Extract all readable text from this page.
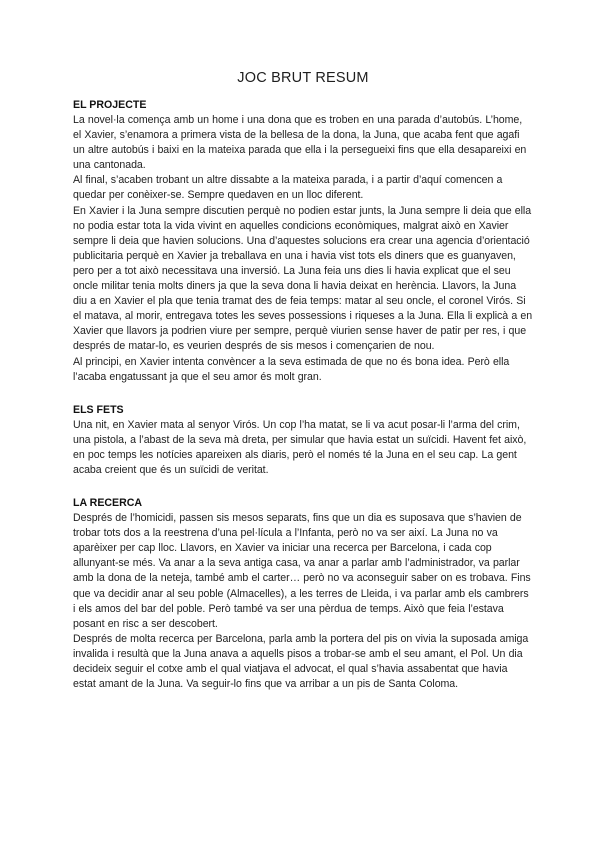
JOC BRUT RESUM
EL PROJECTE

La novel·la comença amb un home i una dona que es troben en una parada d’autobús. L’home, el Xavier, s’enamora a primera vista de la bellesa de la dona, la Juna, que acaba fent que agafi un altre autobús i baixi en la mateixa parada que ella i la persegueixi fins que ella desapareixi en una cantonada.

Al final, s’acaben trobant un altre dissabte a la mateixa parada, i a partir d’aquí comencen a quedar per conèixer-se. Sempre quedaven en un lloc diferent.

En Xavier i la Juna sempre discutien perquè no podien estar junts, la Juna sempre li deia que ella no podia estar tota la vida vivint en aquelles condicions econòmiques, malgrat això en Xavier sempre li deia que havien solucions. Una d’aquestes solucions era crear una agencia d’orientació publicitaria perquè en Xavier ja treballava en una i havia vist tots els diners que es guanyaven, pero per a tot això necessitava una inversió. La Juna feia uns dies li havia explicat que el seu oncle militar tenia molts diners ja que la seva dona li havia deixat en herència. Llavors, la Juna diu a en Xavier el pla que tenia tramat des de feia temps: matar al seu oncle, el coronel Virós. Si el matava, al morir, entregava totes les seves possessions i riqueses a la Juna. Ella li explicà a en Xavier que llavors ja podrien viure per sempre, perquè viurien sense haver de patir per res, i que després de matar-lo, es veurien després de sis mesos i començarien de nou.

Al principi, en Xavier intenta convèncer a la seva estimada de que no és bona idea. Però ella l’acaba engatussant ja que el seu amor és molt gran.

ELS FETS

Una nit, en Xavier mata al senyor Virós. Un cop l’ha matat, se li va acut posar-li l’arma del crim, una pistola, a l’abast de la seva mà dreta, per simular que havia estat un suïcidi. Havent fet això, en poc temps les notícies apareixen als diaris, però el només té la Juna en el seu cap. La gent acaba creient que és un suïcidi de veritat.

LA RECERCA

Després de l’homicidi, passen sis mesos separats, fins que un dia es suposava que s’havien de trobar tots dos a la reestrena d’una pel·lícula a l’Infanta, però no va ser així. La Juna no va aparèixer per cap lloc. Llavors, en Xavier va iniciar una recerca per Barcelona, i cada cop allunyant-se més. Va anar a la seva antiga casa, va anar a parlar amb l’administrador, va parlar amb la dona de la neteja, també amb el carter… però no va aconseguir saber on es trobava. Fins que va decidir anar al seu poble (Almacelles), a les terres de Lleida, i va parlar amb els cambrers i els amos del bar del poble. Però també va ser una pèrdua de temps. Això que feia l’estava posant en risc a ser descobert.

Després de molta recerca per Barcelona, parla amb la portera del pis on vivia la suposada amiga invalida i resultà que la Juna anava a aquells pisos a trobar-se amb el seu amant, el Pol. Un dia decideix seguir el cotxe amb el qual viatjava el advocat, el qual s’havia assabentat que havia estat amant de la Juna. Va seguir-lo fins que va arribar a un pis de Santa Coloma.
